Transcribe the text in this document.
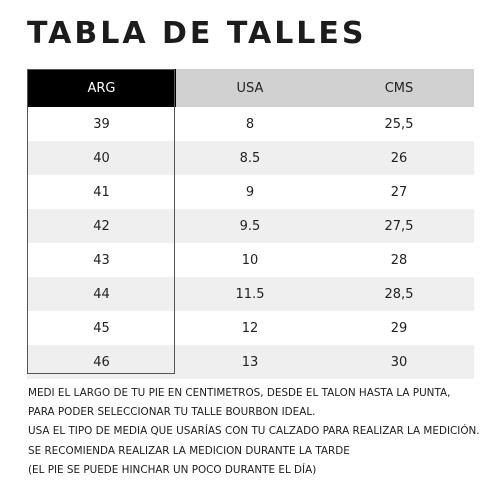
TABLA DE TALLES
ARG	USA	CMS
39	8	25,5
40	8.5	26
41	9	27
42	9.5	27,5
43	10	28
44	11.5	28,5
45	12	29
46	13	30
MEDI EL LARGO DE TU PIE EN CENTIMETROS, DESDE EL TALON HASTA LA PUNTA,
PARA PODER SELECCIONAR TU TALLE BOURBON IDEAL.
USA EL TIPO DE MEDIA QUE USARÍAS CON TU CALZADO PARA REALIZAR LA MEDICIÓN.
SE RECOMIENDA REALIZAR LA MEDICION DURANTE LA TARDE
(EL PIE SE PUEDE HINCHAR UN POCO DURANTE EL DÍA)
